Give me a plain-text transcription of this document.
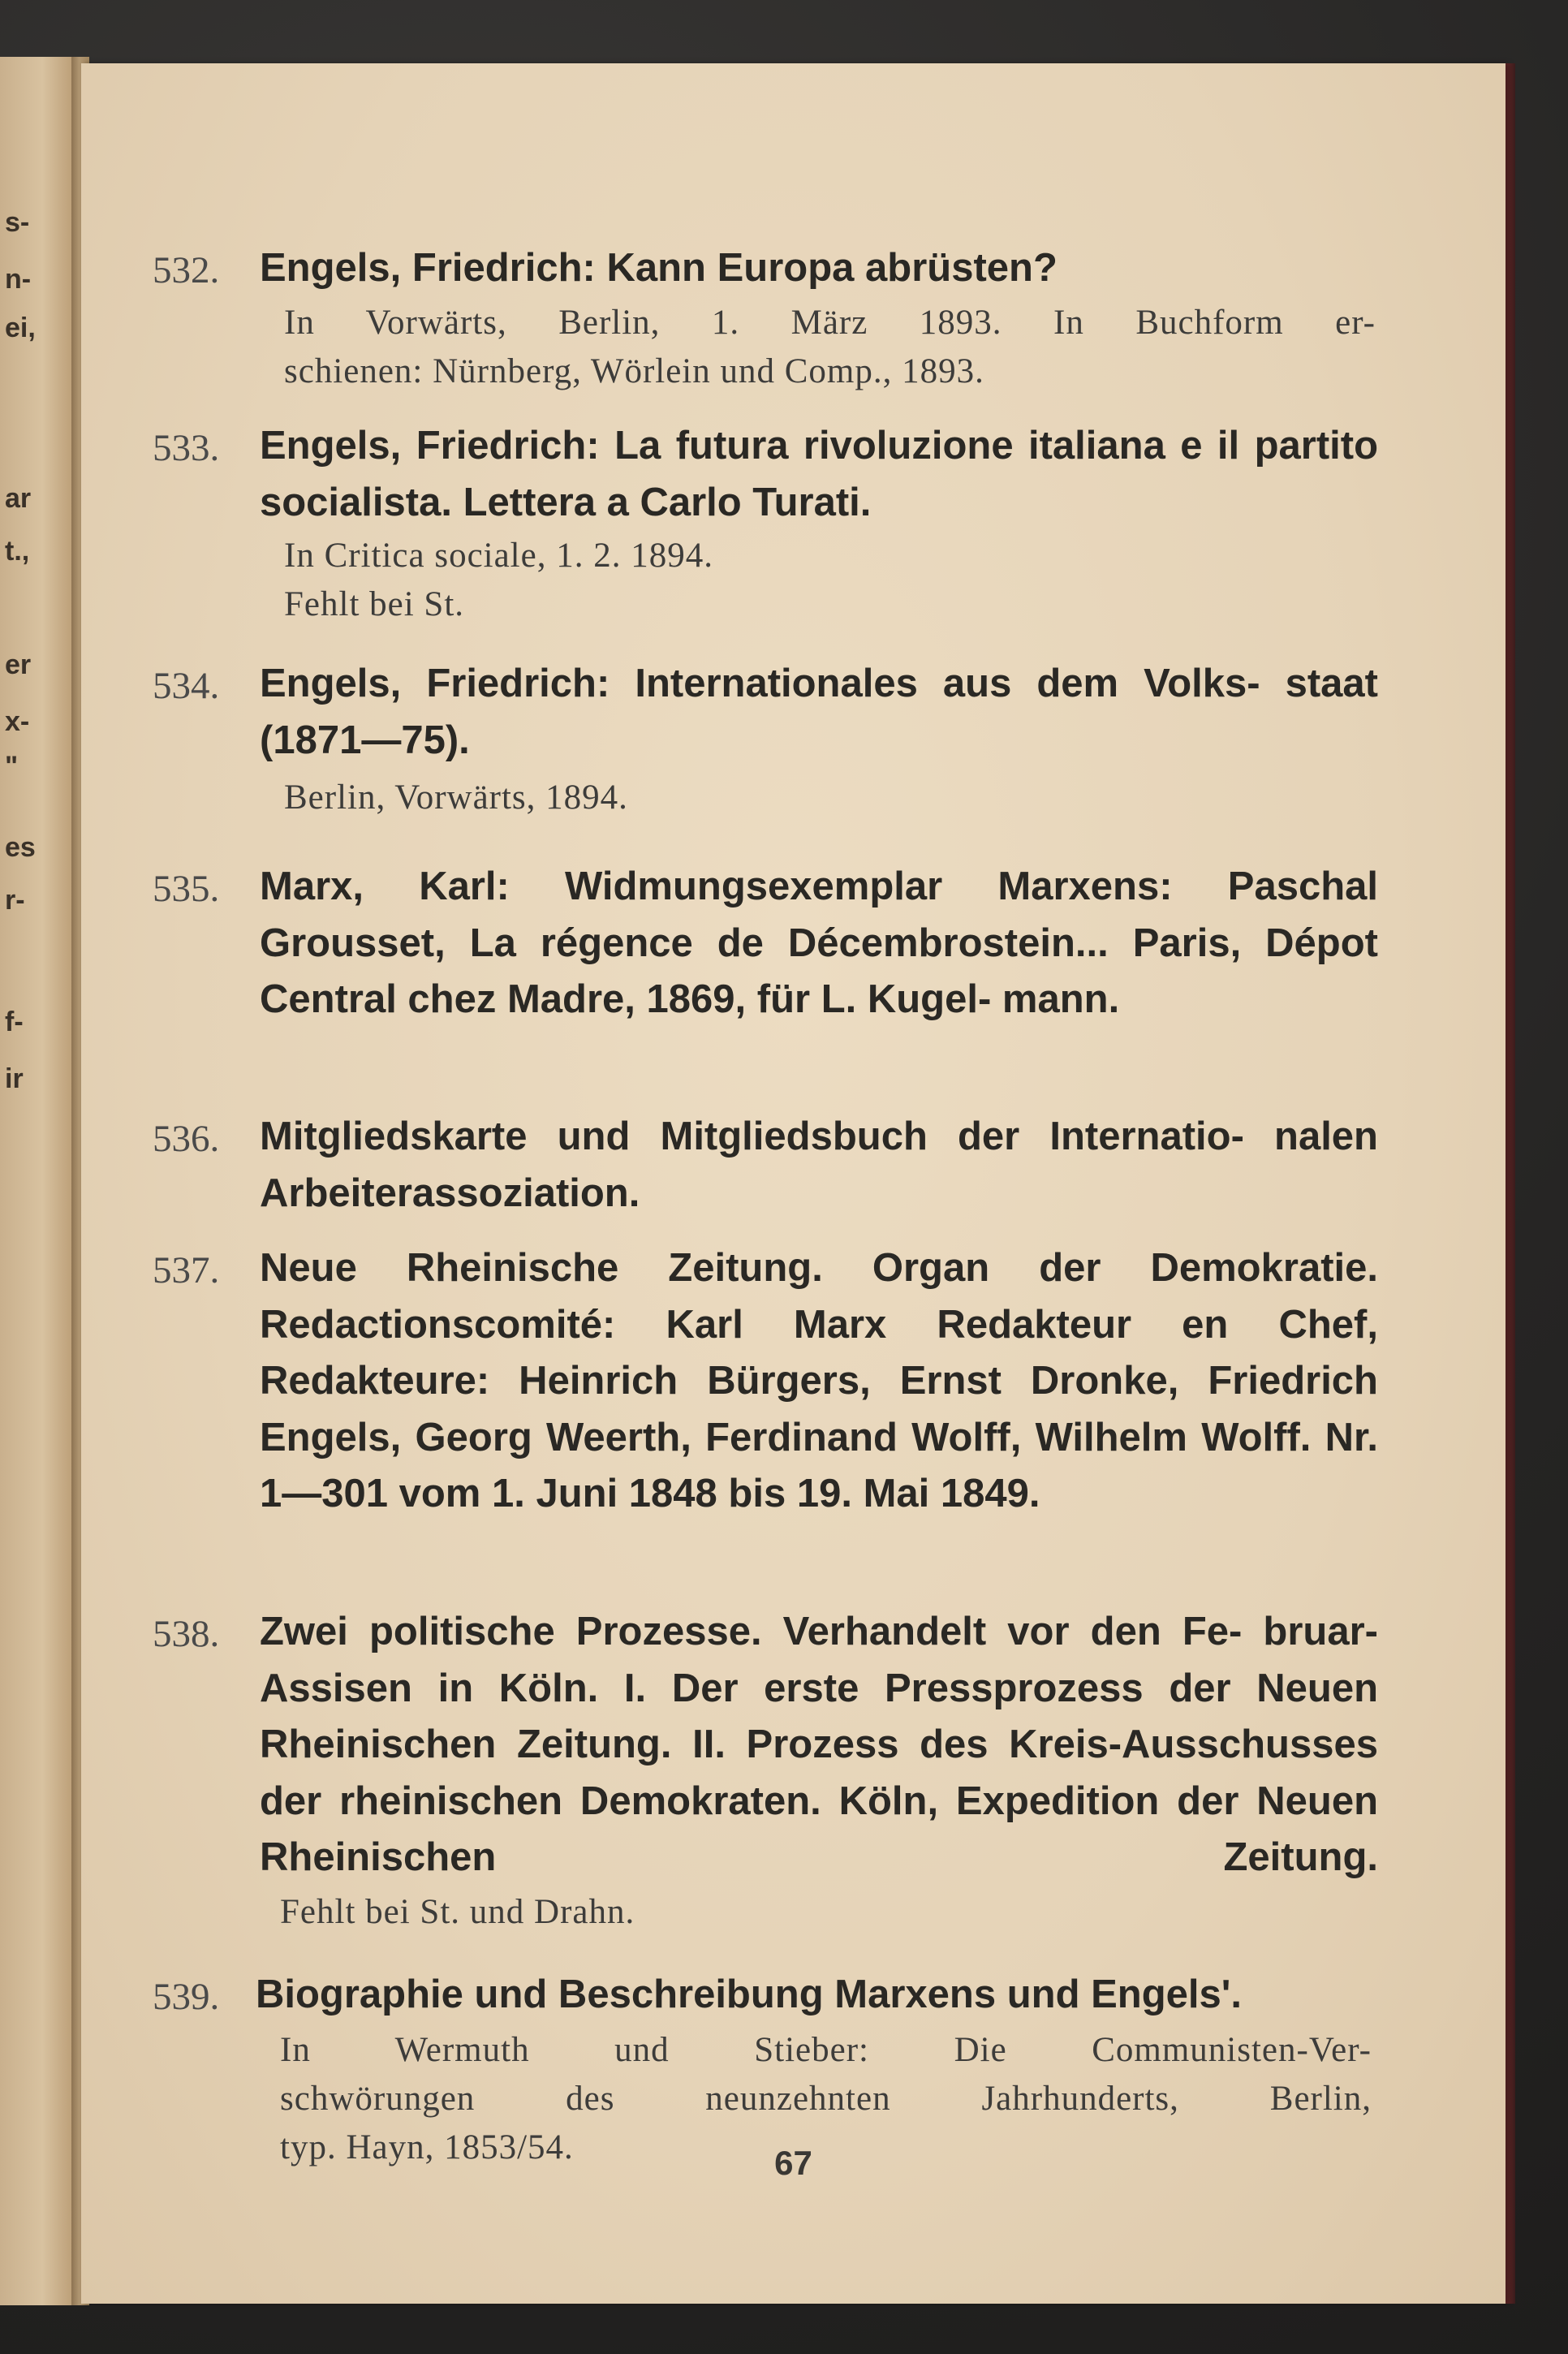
s-
n-
ei,
ar
t.,
er
x-
"
es
r-
f-
ir
532. Engels, Friedrich: Kann Europa abrüsten?
In Vorwärts, Berlin, 1. März 1893. In Buchform er-
schienen: Nürnberg, Wörlein und Comp., 1893.
533. Engels, Friedrich: La futura rivoluzione italiana e il partito socialista. Lettera a Carlo Turati.
In Critica sociale, 1. 2. 1894.
Fehlt bei St.
534. Engels, Friedrich: Internationales aus dem Volks- staat (1871—75).
Berlin, Vorwärts, 1894.
535. Marx, Karl: Widmungsexemplar Marxens: Paschal Grousset, La régence de Décembrostein... Paris, Dépot Central chez Madre, 1869, für L. Kugel- mann.
536. Mitgliedskarte und Mitgliedsbuch der Internatio- nalen Arbeiterassoziation.
537. Neue Rheinische Zeitung. Organ der Demokratie. Redactionscomité: Karl Marx Redakteur en Chef, Redakteure: Heinrich Bürgers, Ernst Dronke, Friedrich Engels, Georg Weerth, Ferdinand Wolff, Wilhelm Wolff. Nr. 1—301 vom 1. Juni 1848 bis 19. Mai 1849.
538. Zwei politische Prozesse. Verhandelt vor den Fe- bruar-Assisen in Köln. I. Der erste Pressprozess der Neuen Rheinischen Zeitung. II. Prozess des Kreis-Ausschusses der rheinischen Demokraten. Köln, Expedition der Neuen Rheinischen Zeitung.
Fehlt bei St. und Drahn.
539. Biographie und Beschreibung Marxens und Engels'.
In Wermuth und Stieber: Die Communisten-Ver-
schwörungen des neunzehnten Jahrhunderts, Berlin,
typ. Hayn, 1853/54.	67
